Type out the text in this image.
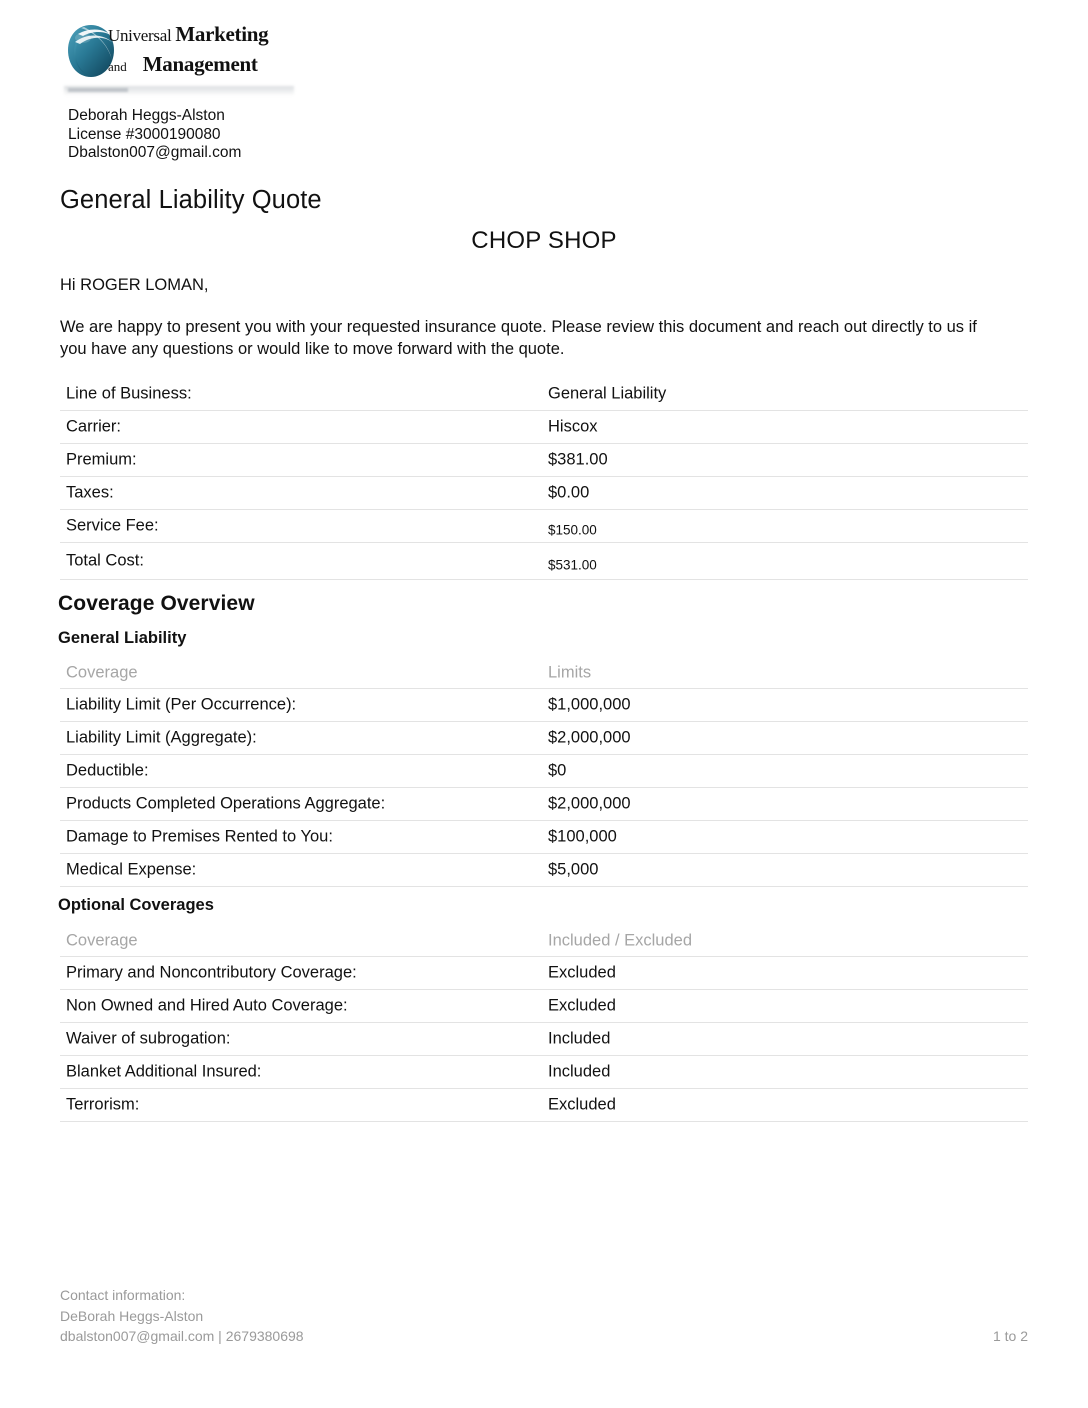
Universal Marketing
and Management
Deborah Heggs-Alston
License #3000190080
Dbalston007@gmail.com
General Liability Quote
CHOP SHOP
Hi ROGER LOMAN,
We are happy to present you with your requested insurance quote. Please review this document and reach out directly to us if you have any questions or would like to move forward with the quote.
Line of Business:	General Liability
Carrier:	Hiscox
Premium:	$381.00
Taxes:	$0.00
Service Fee:	$150.00
Total Cost:	$531.00
Coverage Overview
General Liability
Coverage	Limits
Liability Limit (Per Occurrence):	$1,000,000
Liability Limit (Aggregate):	$2,000,000
Deductible:	$0
Products Completed Operations Aggregate:	$2,000,000
Damage to Premises Rented to You:	$100,000
Medical Expense:	$5,000
Optional Coverages
Coverage	Included / Excluded
Primary and Noncontributory Coverage:	Excluded
Non Owned and Hired Auto Coverage:	Excluded
Waiver of subrogation:	Included
Blanket Additional Insured:	Included
Terrorism:	Excluded
Contact information:
DeBorah Heggs-Alston
dbalston007@gmail.com | 2679380698	1 to 2
